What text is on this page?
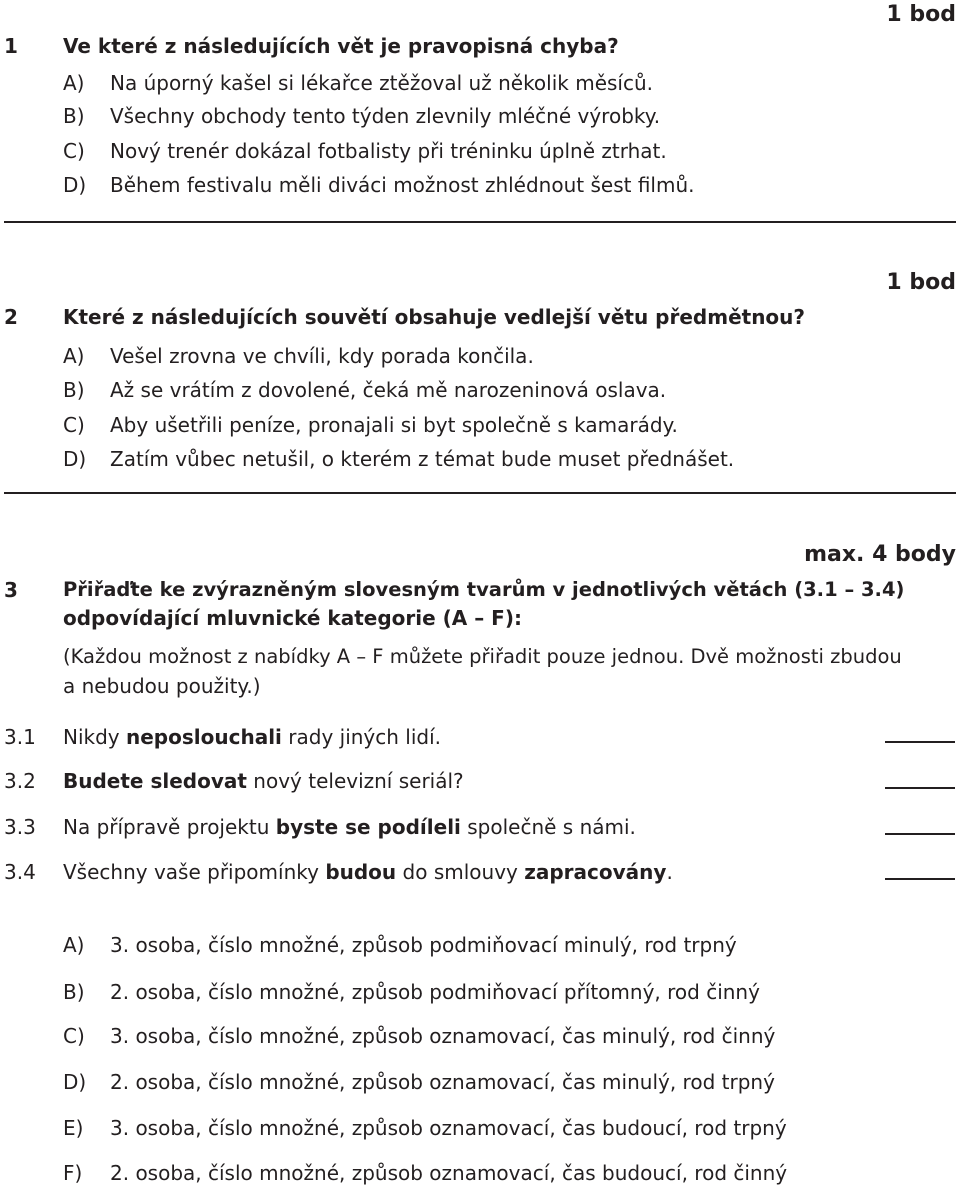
1 bod
1 Ve které z následujících vět je pravopisná chyba?
A) Na úporný kašel si lékařce ztěžoval už několik měsíců.
B) Všechny obchody tento týden zlevnily mléčné výrobky.
C) Nový trenér dokázal fotbalisty při tréninku úplně ztrhat.
D) Během festivalu měli diváci možnost zhlédnout šest filmů.
1 bod
2 Které z následujících souvětí obsahuje vedlejší větu předmětnou?
A) Vešel zrovna ve chvíli, kdy porada končila.
B) Až se vrátím z dovolené, čeká mě narozeninová oslava.
C) Aby ušetřili peníze, pronajali si byt společně s kamarády.
D) Zatím vůbec netušil, o kterém z témat bude muset přednášet.
max. 4 body
3 Přiřaďte ke zvýrazněným slovesným tvarům v jednotlivých větách (3.1 – 3.4)
odpovídající mluvnické kategorie (A – F):
(Každou možnost z nabídky A – F můžete přiřadit pouze jednou. Dvě možnosti zbudou
a nebudou použity.)
3.1 Nikdy neposlouchali rady jiných lidí.
3.2 Budete sledovat nový televizní seriál?
3.3 Na přípravě projektu byste se podíleli společně s námi.
3.4 Všechny vaše připomínky budou do smlouvy zapracovány.
A) 3. osoba, číslo množné, způsob podmiňovací minulý, rod trpný
B) 2. osoba, číslo množné, způsob podmiňovací přítomný, rod činný
C) 3. osoba, číslo množné, způsob oznamovací, čas minulý, rod činný
D) 2. osoba, číslo množné, způsob oznamovací, čas minulý, rod trpný
E) 3. osoba, číslo množné, způsob oznamovací, čas budoucí, rod trpný
F) 2. osoba, číslo množné, způsob oznamovací, čas budoucí, rod činný
